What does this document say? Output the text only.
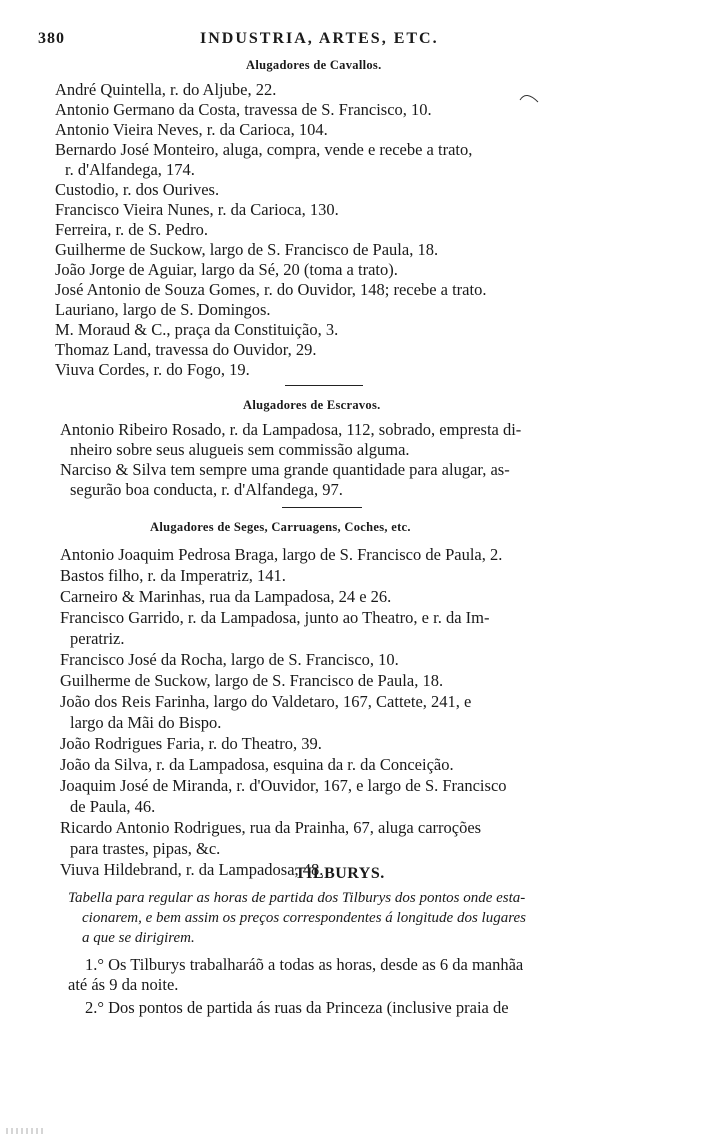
380	INDUSTRIA, ARTES, ETC.
Alugadores de Cavallos.
André Quintella, r. do Aljube, 22.
Antonio Germano da Costa, travessa de S. Francisco, 10.
Antonio Vieira Neves, r. da Carioca, 104.
Bernardo José Monteiro, aluga, compra, vende e recebe a trato,
r. d'Alfandega, 174.
Custodio, r. dos Ourives.
Francisco Vieira Nunes, r. da Carioca, 130.
Ferreira, r. de S. Pedro.
Guilherme de Suckow, largo de S. Francisco de Paula, 18.
João Jorge de Aguiar, largo da Sé, 20 (toma a trato).
José Antonio de Souza Gomes, r. do Ouvidor, 148; recebe a trato.
Lauriano, largo de S. Domingos.
M. Moraud & C., praça da Constituição, 3.
Thomaz Land, travessa do Ouvidor, 29.
Viuva Cordes, r. do Fogo, 19.
Alugadores de Escravos.
Antonio Ribeiro Rosado, r. da Lampadosa, 112, sobrado, empresta di-
nheiro sobre seus alugueis sem commissão alguma.
Narciso & Silva tem sempre uma grande quantidade para alugar, as-
segurão boa conducta, r. d'Alfandega, 97.
Alugadores de Seges, Carruagens, Coches, etc.
Antonio Joaquim Pedrosa Braga, largo de S. Francisco de Paula, 2.
Bastos filho, r. da Imperatriz, 141.
Carneiro & Marinhas, rua da Lampadosa, 24 e 26.
Francisco Garrido, r. da Lampadosa, junto ao Theatro, e r. da Im-
peratriz.
Francisco José da Rocha, largo de S. Francisco, 10.
Guilherme de Suckow, largo de S. Francisco de Paula, 18.
João dos Reis Farinha, largo do Valdetaro, 167, Cattete, 241, e
largo da Mãi do Bispo.
João Rodrigues Faria, r. do Theatro, 39.
João da Silva, r. da Lampadosa, esquina da r. da Conceição.
Joaquim José de Miranda, r. d'Ouvidor, 167, e largo de S. Francisco
de Paula, 46.
Ricardo Antonio Rodrigues, rua da Prainha, 67, aluga carroções
para trastes, pipas, &c.
Viuva Hildebrand, r. da Lampadosa, 48.
TILBURYS.
Tabella para regular as horas de partida dos Tilburys dos pontos onde esta-
cionarem, e bem assim os preços correspondentes á longitude dos lugares
a que se dirigirem.
1.° Os Tilburys trabalharáõ a todas as horas, desde as 6 da manhãa
até ás 9 da noite.
2.° Dos pontos de partida ás ruas da Princeza (inclusive praia de
